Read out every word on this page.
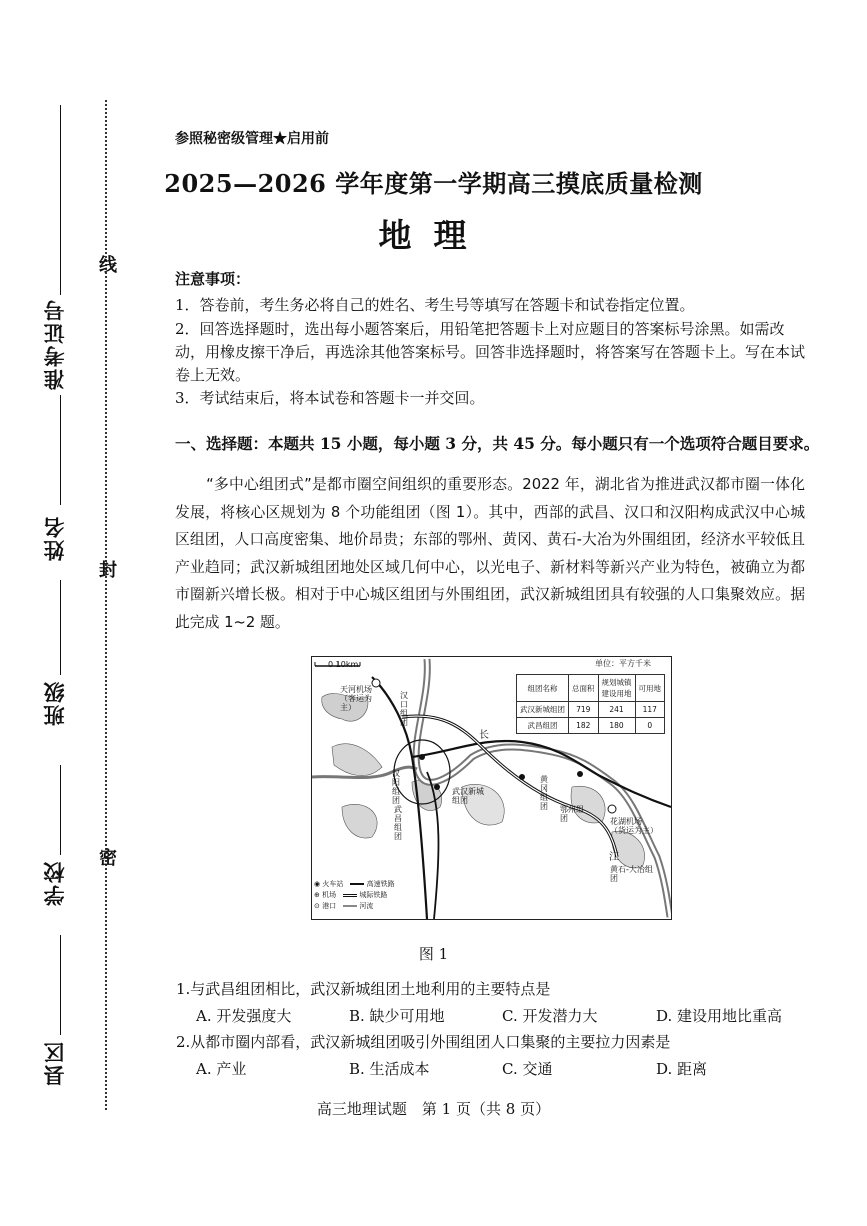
准考证号
姓名
班级
学校
县区
线
封
密
参照秘密级管理★启用前
2025—2026 学年度第一学期高三摸底质量检测
地理
注意事项：
1．答卷前，考生务必将自己的姓名、考生号等填写在答题卡和试卷指定位置。
2．回答选择题时，选出每小题答案后，用铅笔把答题卡上对应题目的答案标号涂黑。如需改动，用橡皮擦干净后，再选涂其他答案标号。回答非选择题时，将答案写在答题卡上。写在本试卷上无效。
3．考试结束后，将本试卷和答题卡一并交回。
一、选择题：本题共 15 小题，每小题 3 分，共 45 分。每小题只有一个选项符合题目要求。
“多中心组团式”是都市圈空间组织的重要形态。2022 年，湖北省为推进武汉都市圈一体化发展，将核心区规划为 8 个功能组团（图 1）。其中，西部的武昌、汉口和汉阳构成武汉中心城区组团，人口高度密集、地价昂贵；东部的鄂州、黄冈、黄石-大冶为外围组团，经济水平较低且产业趋同；武汉新城组团地处区域几何中心，以光电子、新材料等新兴产业为特色，被确立为都市圈新兴增长极。相对于中心城区组团与外围组团，武汉新城组团具有较强的人口集聚效应。据此完成 1~2 题。
0 10km	单位：平方千米
组团名称	总面积	规划城镇建设用地	可用地
武汉新城组团	719	241	117
武昌组团	182	180	0
天河机场（客运为主）
汉口组团
汉阳组团
武昌组团
武汉新城组团
黄冈组团 鄂州组团	花湖机场（货运为主）
黄石-大冶组团
长
江
◉ 火车站　	高速铁路
⊕ 机场　	城际铁路
⊙ 港口　	河流
图 1
1.与武昌组团相比，武汉新城组团土地利用的主要特点是
A. 开发强度大	B. 缺少可用地	C. 开发潜力大	D. 建设用地比重高
2.从都市圈内部看，武汉新城组团吸引外围组团人口集聚的主要拉力因素是
A. 产业	B. 生活成本	C. 交通	D. 距离
高三地理试题　第 1 页（共 8 页）
